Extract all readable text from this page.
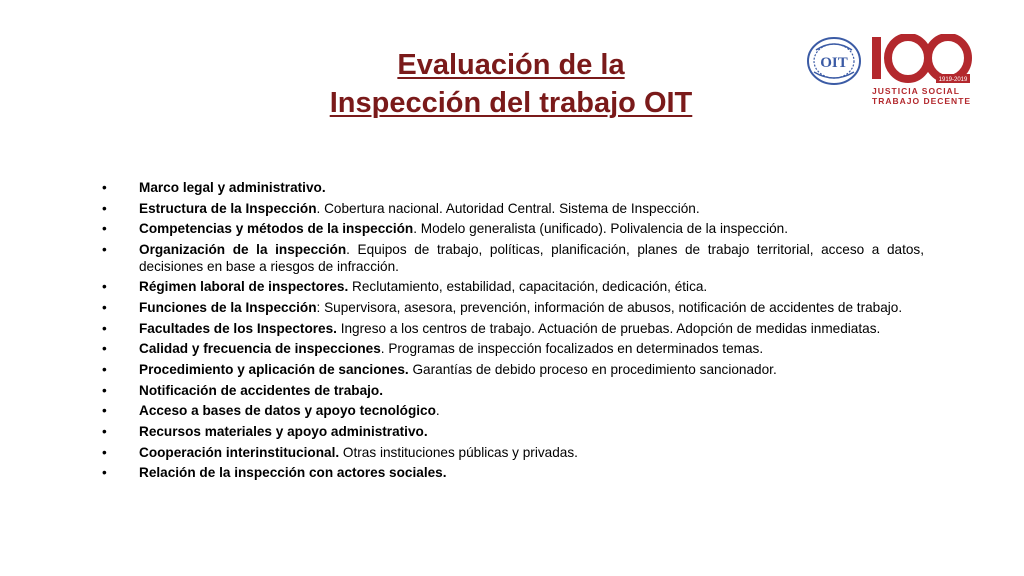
Evaluación de la
Inspección del trabajo OIT
OIT
1919-2019
JUSTICIA SOCIAL
TRABAJO DECENTE
• Marco legal y administrativo.
• Estructura de la Inspección. Cobertura nacional. Autoridad Central. Sistema de Inspección.
• Competencias y métodos de la inspección. Modelo generalista (unificado). Polivalencia de la inspección.
• Organización de la inspección. Equipos de trabajo, políticas, planificación, planes de trabajo territorial, acceso a datos, decisiones en base a riesgos de infracción.
• Régimen laboral de inspectores. Reclutamiento, estabilidad, capacitación, dedicación, ética.
• Funciones de la Inspección: Supervisora, asesora, prevención, información de abusos, notificación de accidentes de trabajo.
• Facultades de los Inspectores. Ingreso a los centros de trabajo. Actuación de pruebas. Adopción de medidas inmediatas.
• Calidad y frecuencia de inspecciones. Programas de inspección focalizados en determinados temas.
• Procedimiento y aplicación de sanciones. Garantías de debido proceso en procedimiento sancionador.
• Notificación de accidentes de trabajo.
• Acceso a bases de datos y apoyo tecnológico.
• Recursos materiales y apoyo administrativo.
• Cooperación interinstitucional. Otras instituciones públicas y privadas.
• Relación de la inspección con actores sociales.
